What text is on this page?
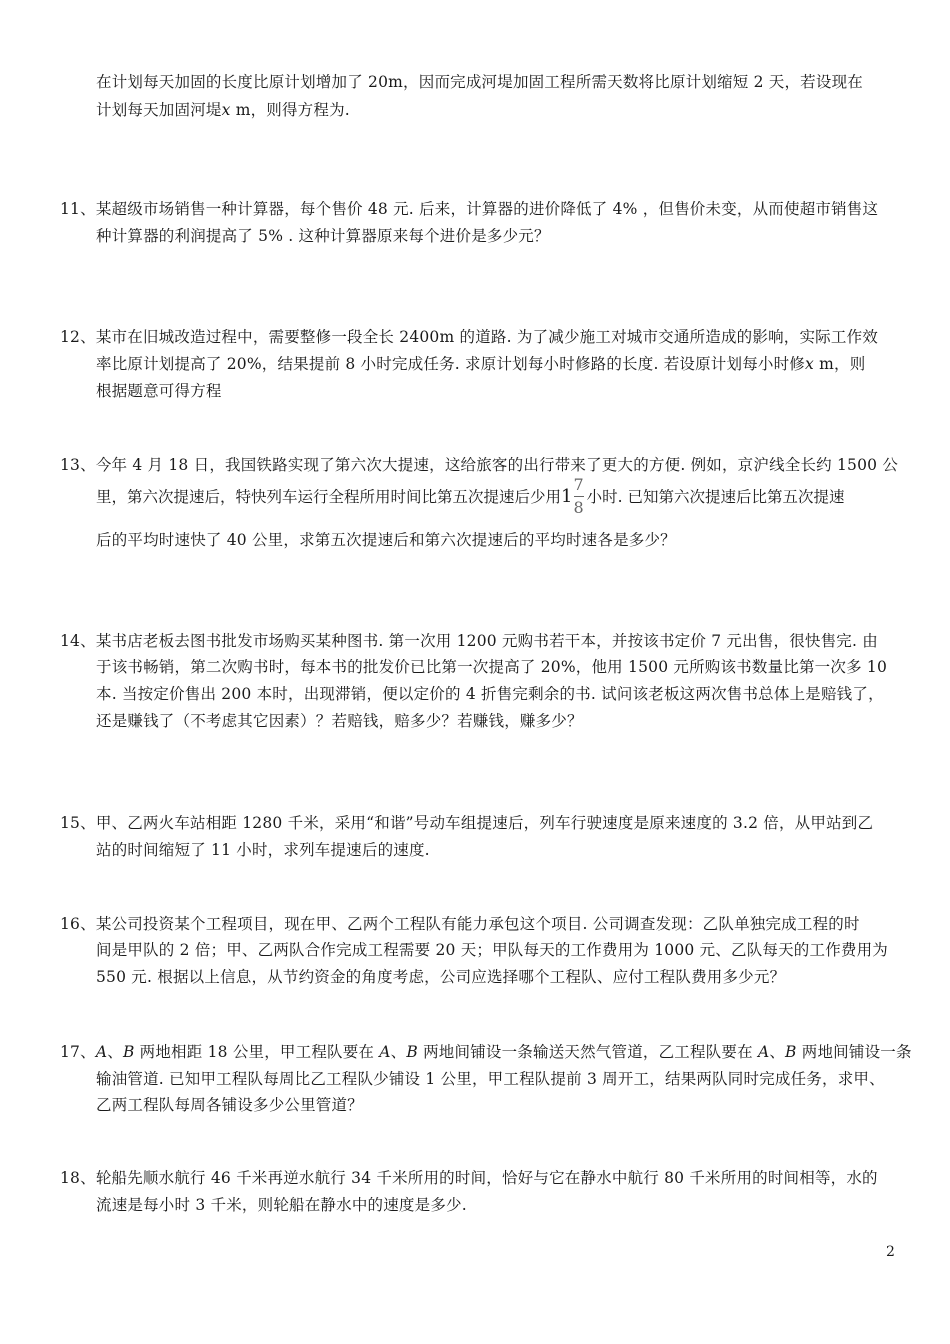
在计划每天加固的长度比原计划增加了 20m，因而完成河堤加固工程所需天数将比原计划缩短 2 天，若设现在
计划每天加固河堤x m，则得方程为.
11、某超级市场销售一种计算器，每个售价 48 元. 后来，计算器的进价降低了 4% ，但售价未变，从而使超市销售这
种计算器的利润提高了 5% . 这种计算器原来每个进价是多少元？
12、某市在旧城改造过程中，需要整修一段全长 2400m 的道路. 为了减少施工对城市交通所造成的影响，实际工作效
率比原计划提高了 20%，结果提前 8 小时完成任务. 求原计划每小时修路的长度. 若设原计划每小时修x m，则
根据题意可得方程
13、今年 4 月 18 日，我国铁路实现了第六次大提速，这给旅客的出行带来了更大的方便. 例如，京沪线全长约 1500 公
里，第六次提速后，特快列车运行全程所用时间比第五次提速后少用 $1 \frac{7}{8}$ 小时. 已知第六次提速后比第五次提速
后的平均时速快了 40 公里，求第五次提速后和第六次提速后的平均时速各是多少？
14、某书店老板去图书批发市场购买某种图书. 第一次用 1200 元购书若干本，并按该书定价 7 元出售，很快售完. 由
于该书畅销，第二次购书时，每本书的批发价已比第一次提高了 20%，他用 1500 元所购该书数量比第一次多 10
本. 当按定价售出 200 本时，出现滞销，便以定价的 4 折售完剩余的书. 试问该老板这两次售书总体上是赔钱了，
还是赚钱了（不考虑其它因素）？若赔钱，赔多少？若赚钱，赚多少？
15、甲、乙两火车站相距 1280 千米，采用“和谐”号动车组提速后，列车行驶速度是原来速度的 3.2 倍，从甲站到乙
站的时间缩短了 11 小时，求列车提速后的速度.
16、某公司投资某个工程项目，现在甲、乙两个工程队有能力承包这个项目. 公司调查发现：乙队单独完成工程的时
间是甲队的 2 倍；甲、乙两队合作完成工程需要 20 天；甲队每天的工作费用为 1000 元、乙队每天的工作费用为
550 元. 根据以上信息，从节约资金的角度考虑，公司应选择哪个工程队、应付工程队费用多少元？
17、A、B 两地相距 18 公里，甲工程队要在 A、B 两地间铺设一条输送天然气管道，乙工程队要在 A、B 两地间铺设一条
输油管道. 已知甲工程队每周比乙工程队少铺设 1 公里，甲工程队提前 3 周开工，结果两队同时完成任务，求甲、
乙两工程队每周各铺设多少公里管道？
18、轮船先顺水航行 46 千米再逆水航行 34 千米所用的时间，恰好与它在静水中航行 80 千米所用的时间相等，水的
流速是每小时 3 千米，则轮船在静水中的速度是多少.
2
